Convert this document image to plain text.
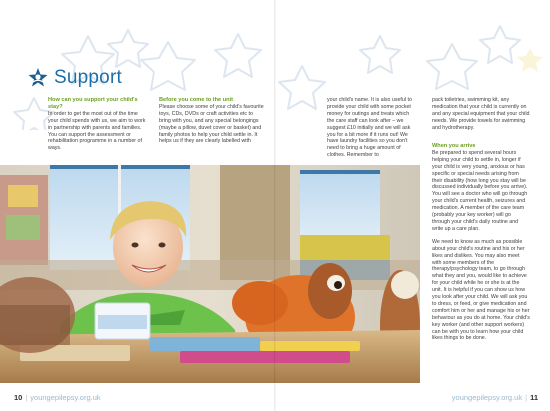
Support
How can you support your child's stay?

In order to get the most out of the time your child spends with us, we aim to work in partnership with parents and families. You can support the assessment or rehabilitation programme in a number of ways.

Before you come to the unit

Please choose some of your child's favourite toys, CDs, DVDs or craft activities etc to bring with you, and any special belongings (maybe a pillow, duvet cover or basket) and family photos to help your child settle in. It helps us if they are clearly labelled with

your child's name. It is also useful to provide your child with some pocket money for outings and treats which the care staff can look after – we suggest £10 initially and we will ask you for a bit more if it runs out! We have laundry facilities so you don't need to bring a huge amount of clothes. Remember to

pack toiletries, swimming kit, any medication that your child is currently on and any special equipment that your child needs. We provide towels for swimming and hydrotherapy.

When you arrive

Be prepared to spend several hours helping your child to settle in, longer if your child is very young, anxious or has specific or special needs arising from their disability (how long you stay will be discussed individually before you arrive). You will see a doctor who will go through your child's current health, seizures and medication. A member of the care team (probably your key worker) will go through your child's daily routine and write up a care plan.

We need to know as much as possible about your child's routine and his or her likes and dislikes. You may also meet with some members of the therapy/psychology team, to go through what they and you, would like to achieve for your child while he or she is at the unit. It is helpful if you can show us how you look after your child. We will ask you to dress, or feed, or give medication and comfort him or her and manage his or her behaviour as you do at home. Your child's key worker (and other support workers) can be with you to learn how your child likes things to be done.

10 | youngepilepsy.org.uk	youngepilepsy.org.uk | 11
